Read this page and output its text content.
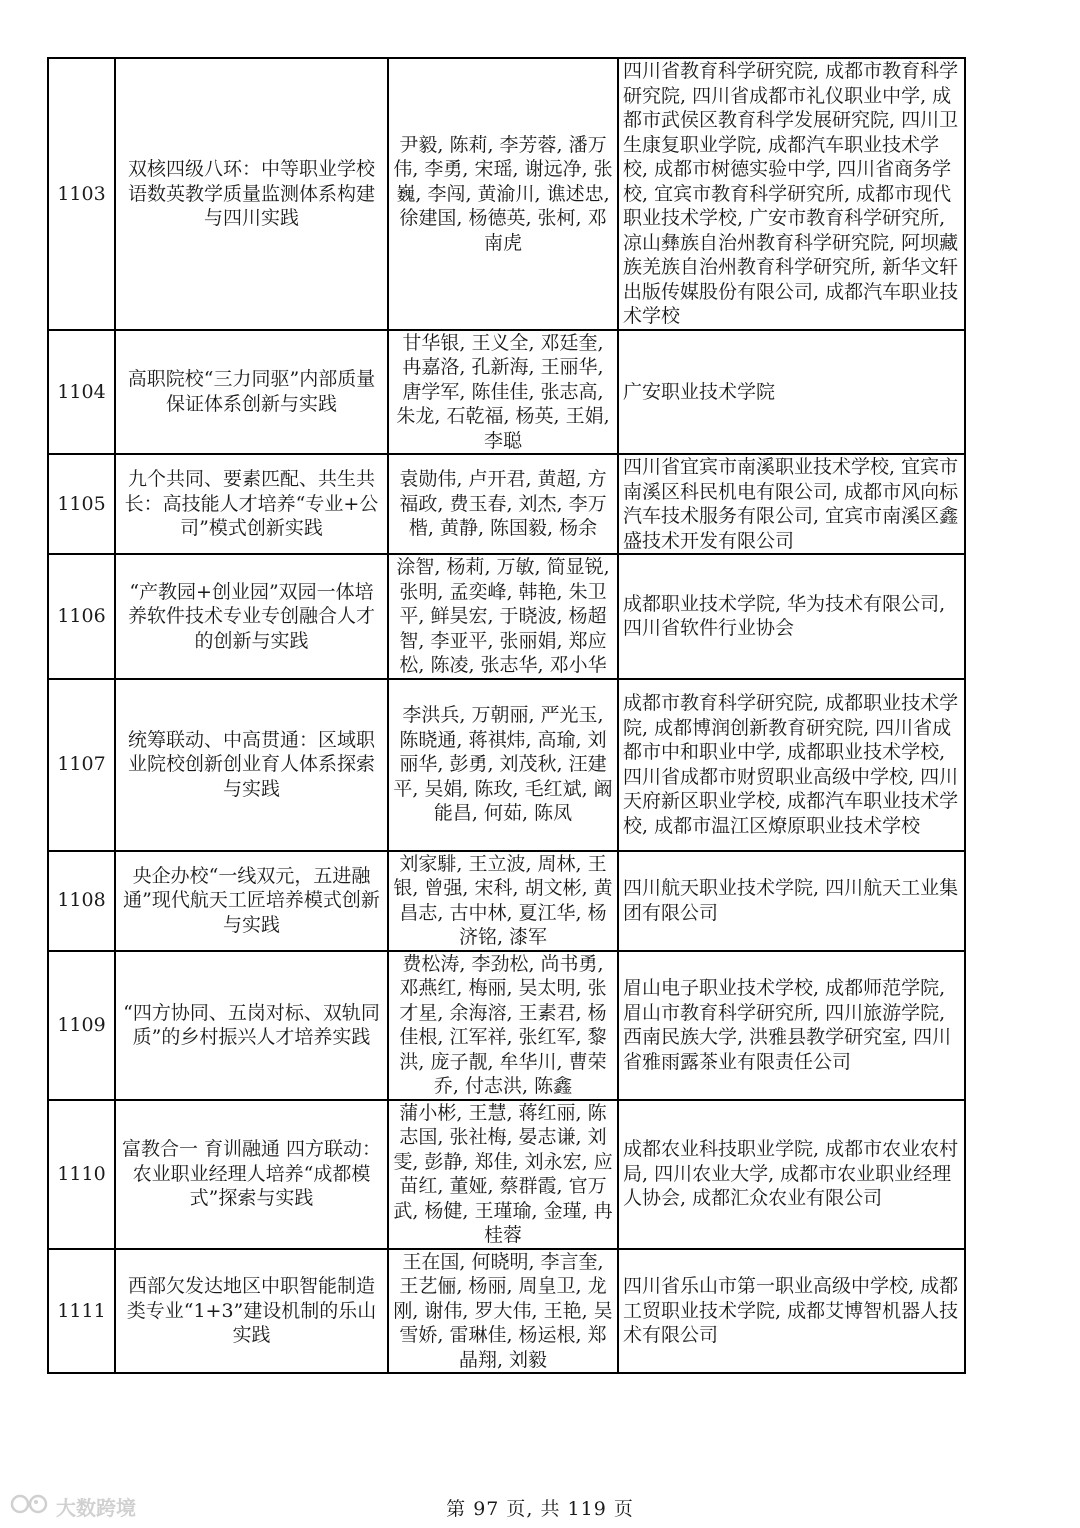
1103	双核四级八环：中等职业学校语数英教学质量监测体系构建与四川实践	尹毅, 陈莉, 李芳蓉, 潘万伟, 李勇, 宋瑶, 谢远净, 张巍, 李闯, 黄渝川, 谯述忠, 徐建国, 杨德英, 张柯, 邓南虎	四川省教育科学研究院, 成都市教育科学研究院, 四川省成都市礼仪职业中学, 成都市武侯区教育科学发展研究院, 四川卫生康复职业学院, 成都汽车职业技术学校, 成都市树德实验中学, 四川省商务学校, 宜宾市教育科学研究所, 成都市现代职业技术学校, 广安市教育科学研究所, 凉山彝族自治州教育科学研究院, 阿坝藏族羌族自治州教育科学研究所, 新华文轩出版传媒股份有限公司, 成都汽车职业技术学校
1104	高职院校“三力同驱”内部质量保证体系创新与实践	甘华银, 王义全, 邓廷奎, 冉嘉洛, 孔新海, 王丽华, 唐学军, 陈佳佳, 张志高, 朱龙, 石乾福, 杨英, 王娟, 李聪	广安职业技术学院
1105	九个共同、要素匹配、共生共长：高技能人才培养“专业+公司”模式创新实践	袁勋伟, 卢开君, 黄超, 方福政, 费玉春, 刘杰, 李万楷, 黄静, 陈国毅, 杨余	四川省宜宾市南溪职业技术学校, 宜宾市南溪区科民机电有限公司, 成都市风向标汽车技术服务有限公司, 宜宾市南溪区鑫盛技术开发有限公司
1106	“产教园+创业园”双园一体培养软件技术专业专创融合人才的创新与实践	涂智, 杨莉, 万敏, 简显锐, 张明, 孟奕峰, 韩艳, 朱卫平, 鲜昊宏, 于晓波, 杨超智, 李亚平, 张丽娟, 郑应松, 陈凌, 张志华, 邓小华	成都职业技术学院, 华为技术有限公司, 四川省软件行业协会
1107	统筹联动、中高贯通：区域职业院校创新创业育人体系探索与实践	李洪兵, 万朝丽, 严光玉, 陈晓通, 蒋祺炜, 高瑜, 刘丽华, 彭勇, 刘茂秋, 汪建平, 吴娟, 陈玫, 毛红斌, 阚能昌, 何茹, 陈凤	成都市教育科学研究院, 成都职业技术学院, 成都博润创新教育研究院, 四川省成都市中和职业中学, 成都职业技术学校, 四川省成都市财贸职业高级中学校, 四川天府新区职业学校, 成都汽车职业技术学校, 成都市温江区燎原职业技术学校
1108	央企办校“一线双元，五进融通”现代航天工匠培养模式创新与实践	刘家騑, 王立波, 周林, 王银, 曾强, 宋科, 胡文彬, 黄昌志, 古中林, 夏江华, 杨济铭, 漆军	四川航天职业技术学院, 四川航天工业集团有限公司
1109	“四方协同、五岗对标、双轨同质”的乡村振兴人才培养实践	费松涛, 李劲松, 尚书勇, 邓燕红, 梅丽, 吴太明, 张才星, 余海溶, 王素君, 杨佳根, 江军祥, 张红军, 黎洪, 庞子靓, 牟华川, 曹荣乔, 付志洪, 陈鑫	眉山电子职业技术学校, 成都师范学院, 眉山市教育科学研究所, 四川旅游学院, 西南民族大学, 洪雅县教学研究室, 四川省雅雨露茶业有限责任公司
1110	富教合一 育训融通 四方联动：农业职业经理人培养“成都模式”探索与实践	蒲小彬, 王慧, 蒋红丽, 陈志国, 张社梅, 晏志谦, 刘雯, 彭静, 郑佳, 刘永宏, 应苗红, 董娅, 蔡群霞, 官万武, 杨健, 王瑾瑜, 金瑾, 冉桂蓉	成都农业科技职业学院, 成都市农业农村局, 四川农业大学, 成都市农业职业经理人协会, 成都汇众农业有限公司
1111	西部欠发达地区中职智能制造类专业“1+3”建设机制的乐山实践	王在国, 何晓明, 李言奎, 王艺俪, 杨丽, 周皇卫, 龙刚, 谢伟, 罗大伟, 王艳, 吴雪娇, 雷琳佳, 杨运根, 郑晶翔, 刘毅	四川省乐山市第一职业高级中学校, 成都工贸职业技术学院, 成都艾博智机器人技术有限公司
大数跨境	第 97 页, 共 119 页
